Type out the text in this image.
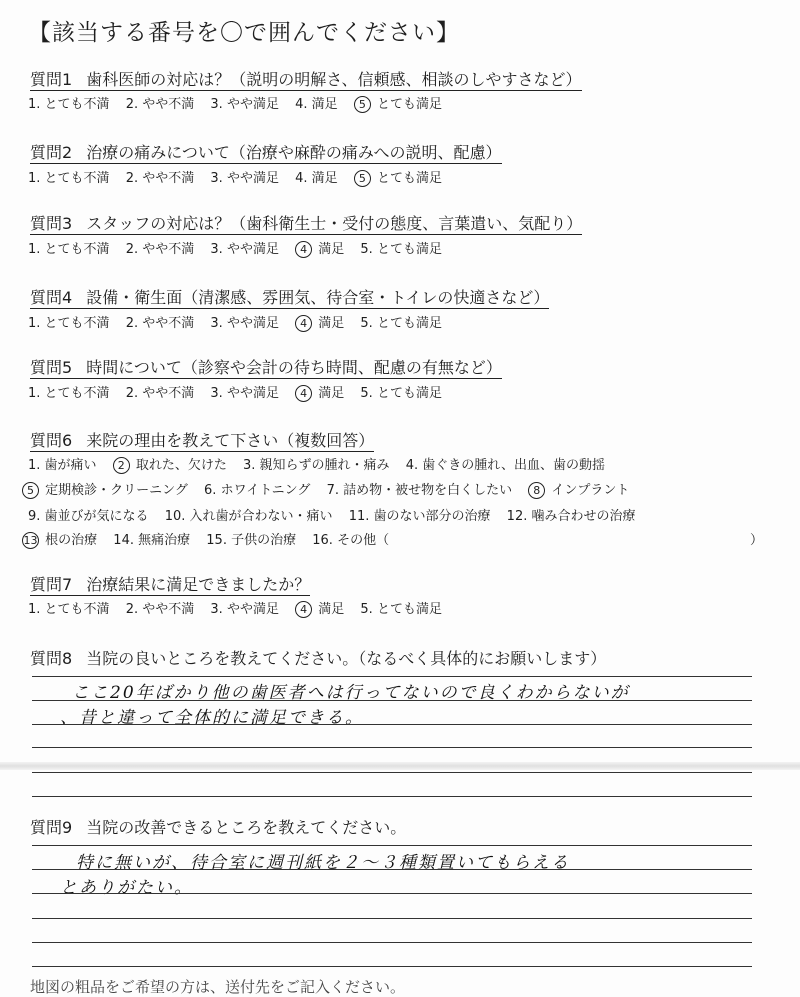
【該当する番号を〇で囲んでください】
質問1 歯科医師の対応は？（説明の明解さ、信頼感、相談のしやすさなど）
1. とても不満 2. やや不満 3. やや満足 4. 満足 5 とても満足
質問2 治療の痛みについて（治療や麻酔の痛みへの説明、配慮）
1. とても不満 2. やや不満 3. やや満足 4. 満足 5 とても満足
質問3 スタッフの対応は？（歯科衛生士・受付の態度、言葉遣い、気配り）
1. とても不満 2. やや不満 3. やや満足 4 満足 5. とても満足
質問4 設備・衛生面（清潔感、雰囲気、待合室・トイレの快適さなど）
1. とても不満 2. やや不満 3. やや満足 4 満足 5. とても満足
質問5 時間について（診察や会計の待ち時間、配慮の有無など）
1. とても不満 2. やや不満 3. やや満足 4 満足 5. とても満足
質問6 来院の理由を教えて下さい（複数回答）
1. 歯が痛い 2 取れた、欠けた 3. 親知らずの腫れ・痛み 4. 歯ぐきの腫れ、出血、歯の動揺
5 定期検診・クリーニング 6. ホワイトニング 7. 詰め物・被せ物を白くしたい 8 インプラント
9. 歯並びが気になる 10. 入れ歯が合わない・痛い 11. 歯のない部分の治療 12. 噛み合わせの治療
13 根の治療 14. 無痛治療 15. 子供の治療 16. その他（	）
質問7 治療結果に満足できましたか？
1. とても不満 2. やや不満 3. やや満足 4 満足 5. とても満足
質問8 当院の良いところを教えてください。（なるべく具体的にお願いします）
ここ20年ばかり他の歯医者へは行ってないので良くわからないが
、昔と違って全体的に満足できる。
質問9 当院の改善できるところを教えてください。
特に無いが、待合室に週刊紙を２〜３種類置いてもらえる
とありがたい。
地図の粗品をご希望の方は、送付先をご記入ください。
